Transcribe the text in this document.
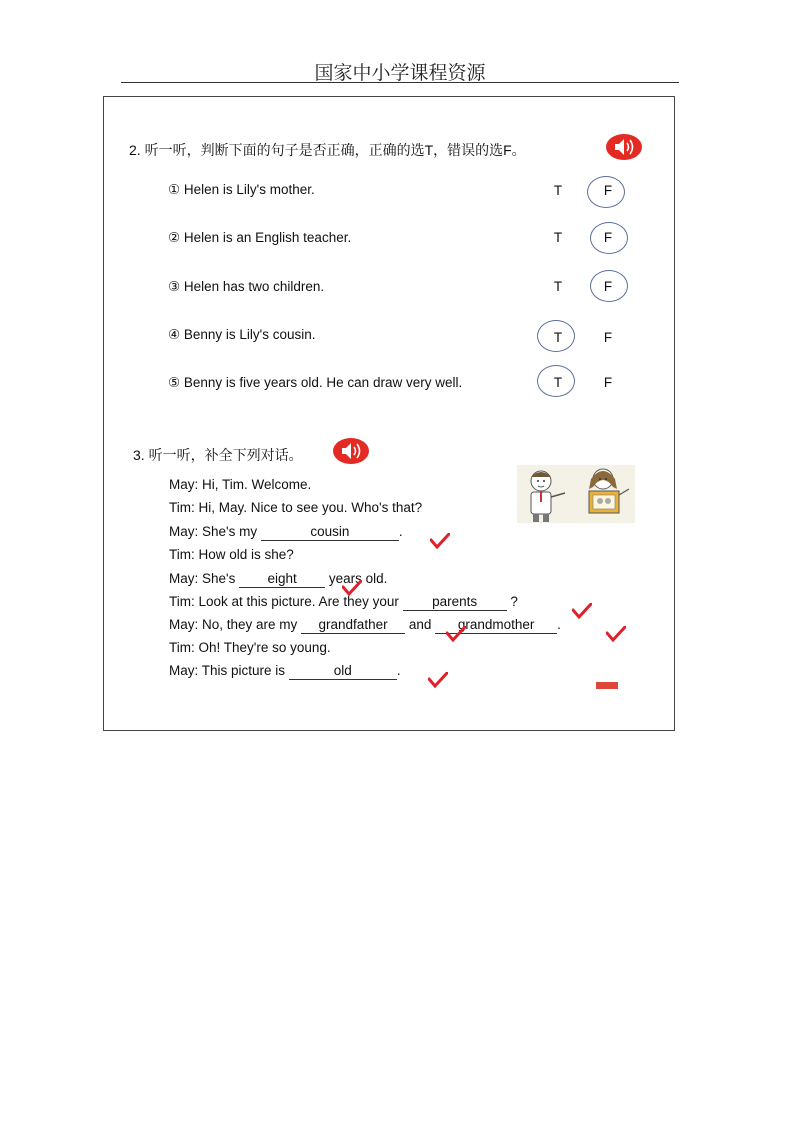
国家中小学课程资源
2. 听一听，判断下面的句子是否正确，正确的选T，错误的选F。
① Helen is Lily's mother.	T	F
② Helen is an English teacher.	T	F
③ Helen has two children.	T	F
④ Benny is Lily's cousin.	T	F
⑤ Benny is five years old. He can draw very well.	T	F
3. 听一听，补全下列对话。
May: Hi, Tim. Welcome.
Tim: Hi, May. Nice to see you. Who's that?
May: She's my	cousin	.
Tim: How old is she?
May: She's eight years old.
Tim: Look at this picture. Are they your parents ?
May: No, they are my grandfather and grandmother .
Tim: Oh! They're so young.
May: This picture is	old	.
